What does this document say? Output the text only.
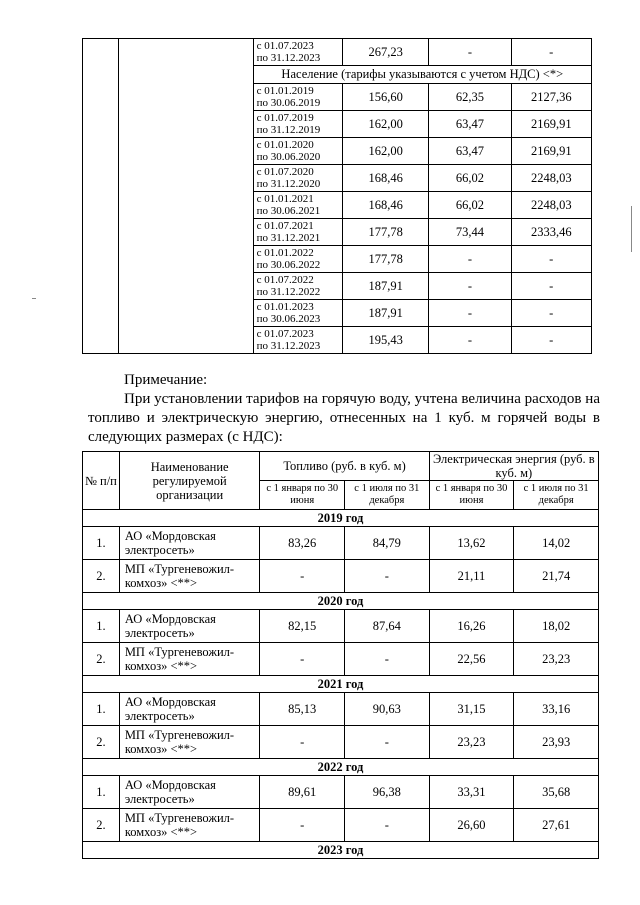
		с 01.07.2023
по 31.12.2023	267,23	-	-
		Население (тарифы указываются с учетом НДС) <*>			

		с 01.01.2019
по 30.06.2019	156,60	62,35	2127,36

		с 01.07.2019
по 31.12.2019	162,00	63,47	2169,91

		с 01.01.2020
по 30.06.2020	162,00	63,47	2169,91

		с 01.07.2020
по 31.12.2020	168,46	66,02	2248,03

		с 01.01.2021
по 30.06.2021	168,46	66,02	2248,03

		с 01.07.2021
по 31.12.2021	177,78	73,44	2333,46

		с 01.01.2022
по 30.06.2022	177,78	-	-

		с 01.07.2022
по 31.12.2022	187,91	-	-

		с 01.01.2023
по 30.06.2023	187,91	-	-

		с 01.07.2023
по 31.12.2023	195,43	-	-
Примечание:
При установлении тарифов на горячую воду, учтена величина расходов на топливо и электрическую энергию, отнесенных на 1 куб. м горячей воды в следующих размерах (с НДС):
№ п/п	Наименование регулируемой организации	Топливо (руб. в куб. м)		Электрическая энергия (руб. в куб. м)	
		с 1 января по 30 июня	с 1 июля по 31 декабря	с 1 января по 30 июня	с 1 июля по 31 декабря
2019 год					
1.	АО «Мордовская электросеть»	83,26	84,79	13,62	14,02
2.	МП «Тургеневожил-комхоз» <**>	-	-	21,11	21,74
2020 год					
1.	АО «Мордовская электросеть»	82,15	87,64	16,26	18,02
2.	МП «Тургеневожил-комхоз» <**>	-	-	22,56	23,23
2021 год					
1.	АО «Мордовская электросеть»	85,13	90,63	31,15	33,16
2.	МП «Тургеневожил-комхоз» <**>	-	-	23,23	23,93
2022 год					
1.	АО «Мордовская электросеть»	89,61	96,38	33,31	35,68
2.	МП «Тургеневожил-комхоз» <**>	-	-	26,60	27,61
2023 год					
